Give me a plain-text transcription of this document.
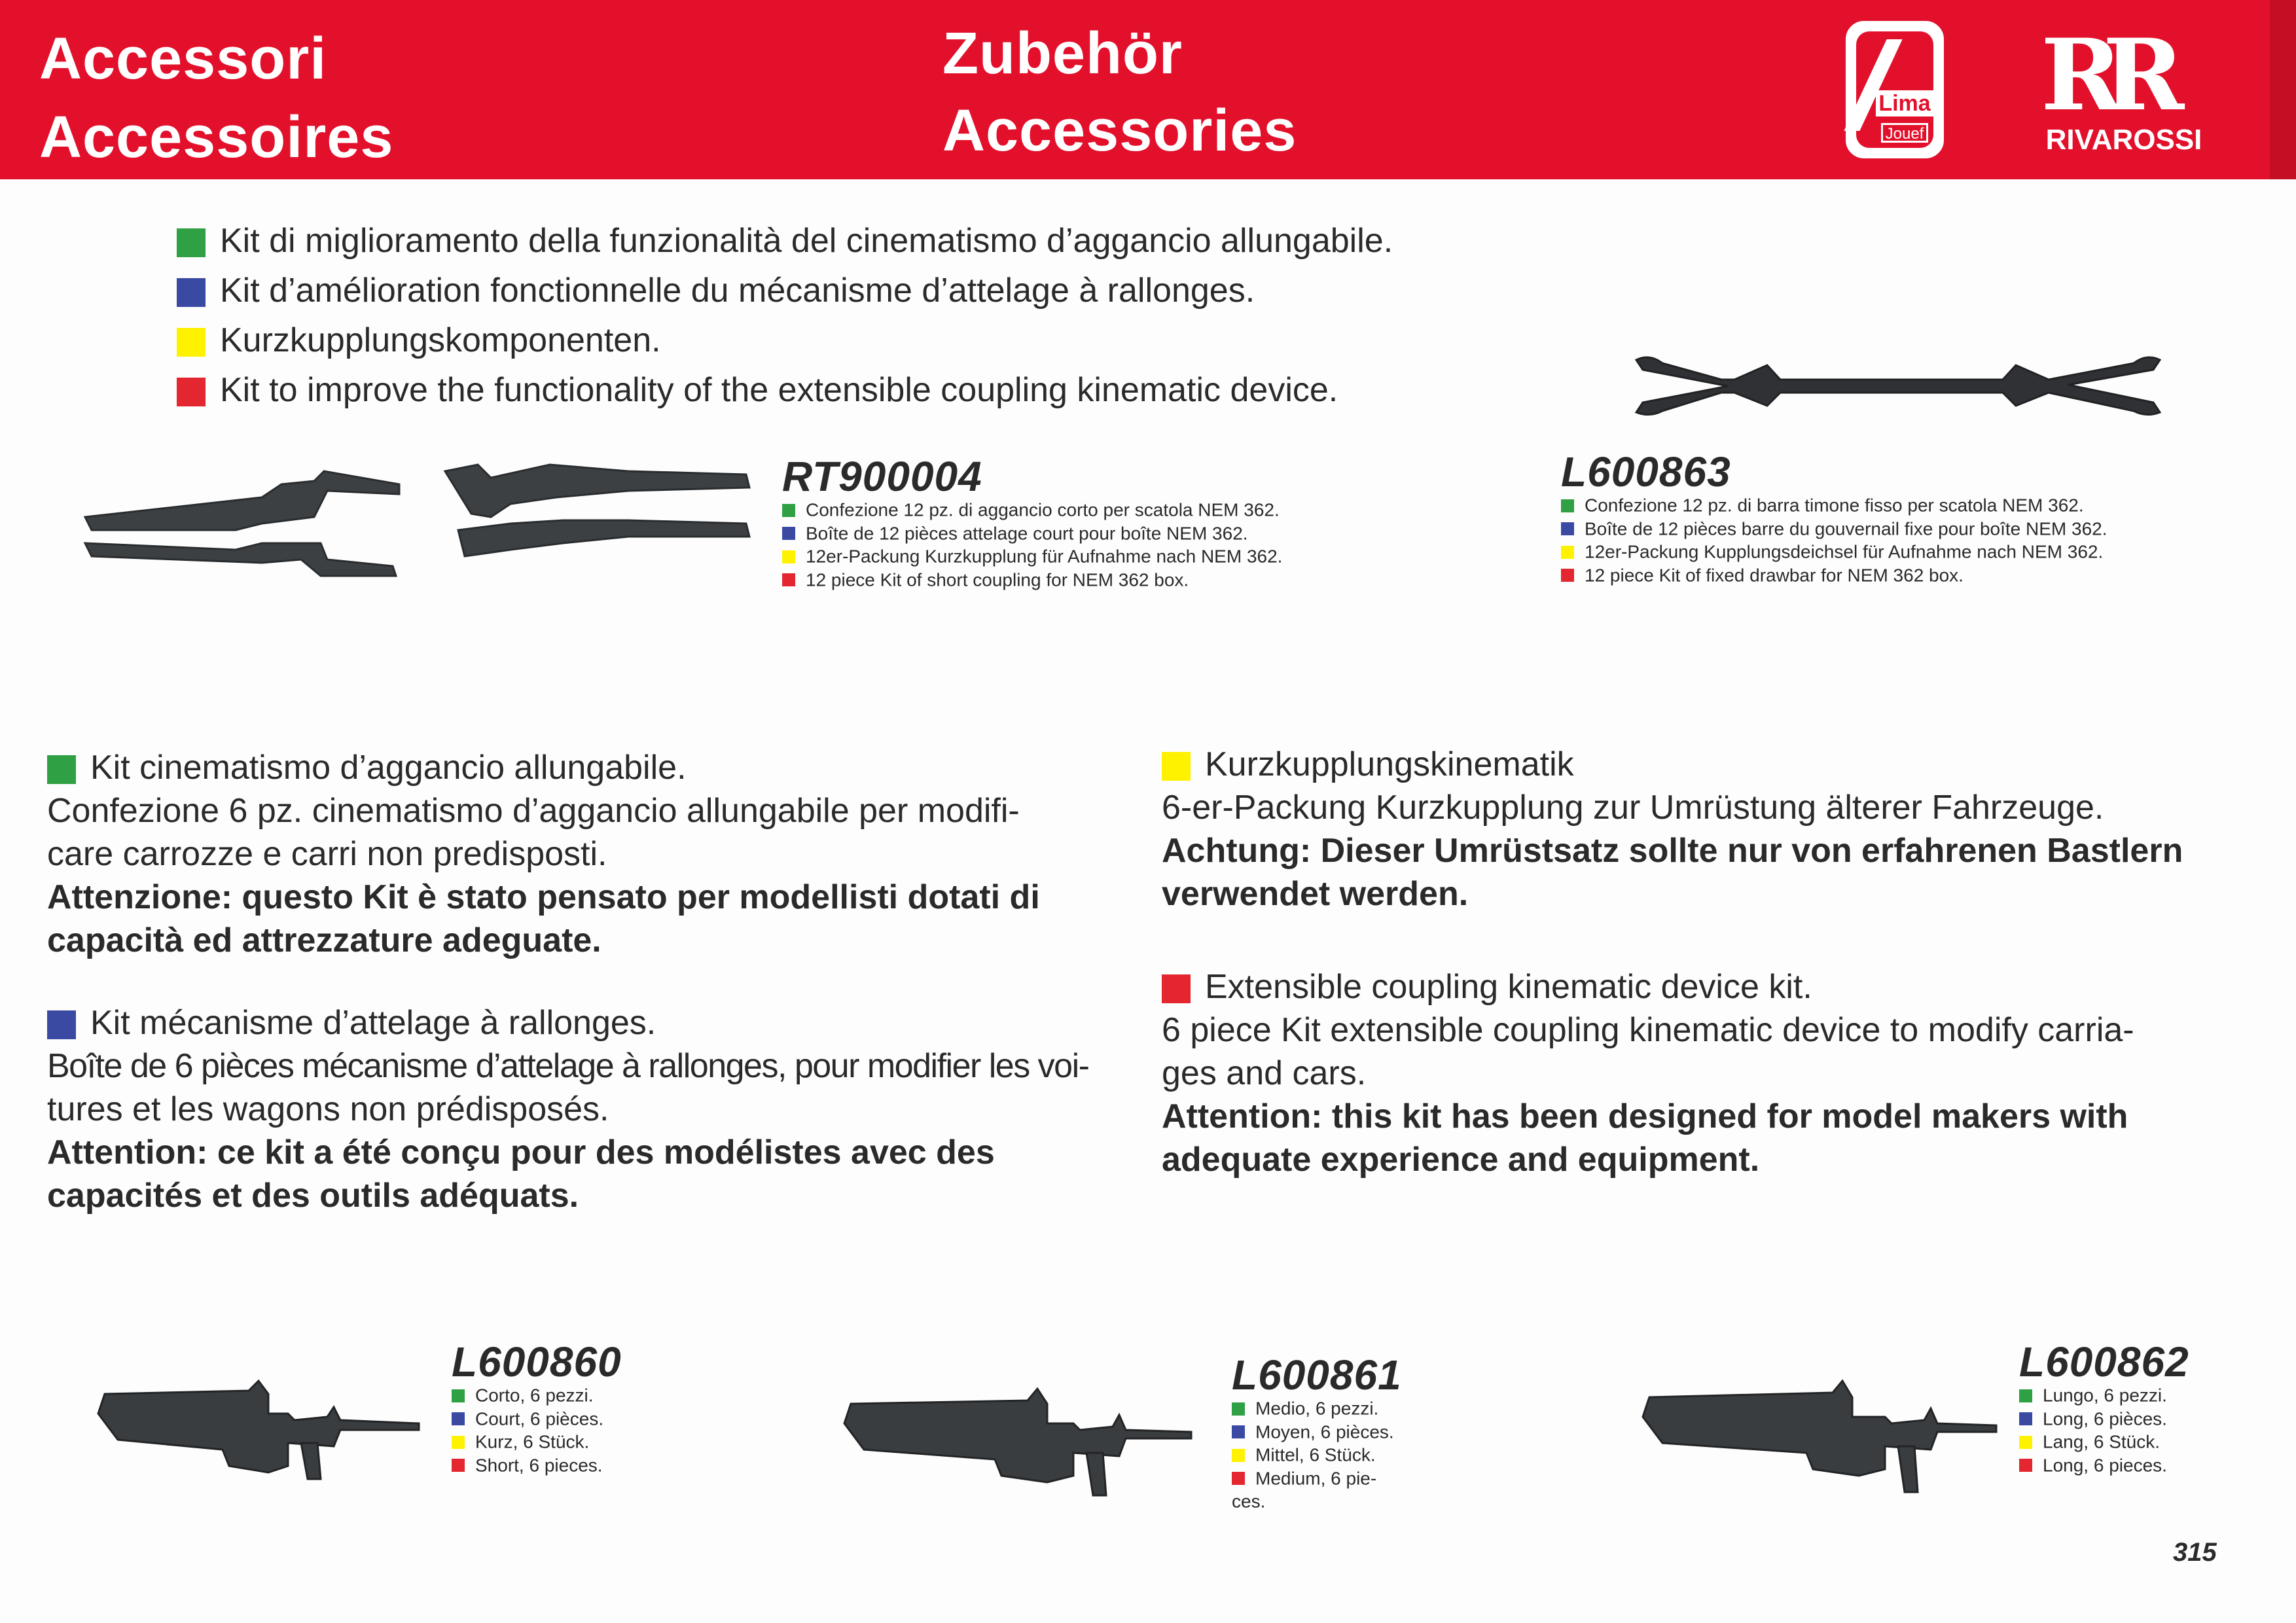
Accessori
Accessoires
Zubehör
Accessories	Lima
Jouef
RR
RIVAROSSI
Kit di miglioramento della funzionalità del cinematismo d’aggancio allungabile.
Kit d’amélioration fonctionnelle du mécanisme d’attelage à rallonges.
Kurzkupplungskomponenten.
Kit to improve the functionality of the extensible coupling kinematic device.
RT900004
Confezione 12 pz. di aggancio corto per scatola NEM 362.
Boîte de 12 pièces attelage court pour boîte NEM 362.
12er-Packung Kurzkupplung für Aufnahme nach NEM 362.
12 piece Kit of short coupling for NEM 362 box.
L600863
Confezione 12 pz. di barra timone fisso per scatola NEM 362.
Boîte de 12 pièces barre du gouvernail fixe pour boîte NEM 362.
12er-Packung Kupplungsdeichsel für Aufnahme nach NEM 362.
12 piece Kit of fixed drawbar for NEM 362 box.
Kit cinematismo d’aggancio allungabile.
Confezione 6 pz. cinematismo d’aggancio allungabile per modifi-
care carrozze e carri non predisposti.
Attenzione: questo Kit è stato pensato per modellisti dotati di
capacità ed attrezzature adeguate.
Kit mécanisme d’attelage à rallonges.
Boîte de 6 pièces mécanisme d’attelage à rallonges, pour modifier les voi-
tures et les wagons non prédisposés.
Attention: ce kit a été conçu pour des modélistes avec des
capacités et des outils adéquats.
Kurzkupplungskinematik
6-er-Packung Kurzkupplung zur Umrüstung älterer Fahrzeuge.
Achtung: Dieser Umrüstsatz sollte nur von erfahrenen Bastlern
verwendet werden.
Extensible coupling kinematic device kit.
6 piece Kit extensible coupling kinematic device to modify carria-
ges and cars.
Attention: this kit has been designed for model makers with
adequate experience and equipment.
L600860
Corto, 6 pezzi.
Court, 6 pièces.
Kurz, 6 Stück.
Short, 6 pieces.
L600861
Medio, 6 pezzi.
Moyen, 6 pièces.
Mittel, 6 Stück.
Medium, 6 pie-
ces.
L600862
Lungo, 6 pezzi.
Long, 6 pièces.
Lang, 6 Stück.
Long, 6 pieces.
315
